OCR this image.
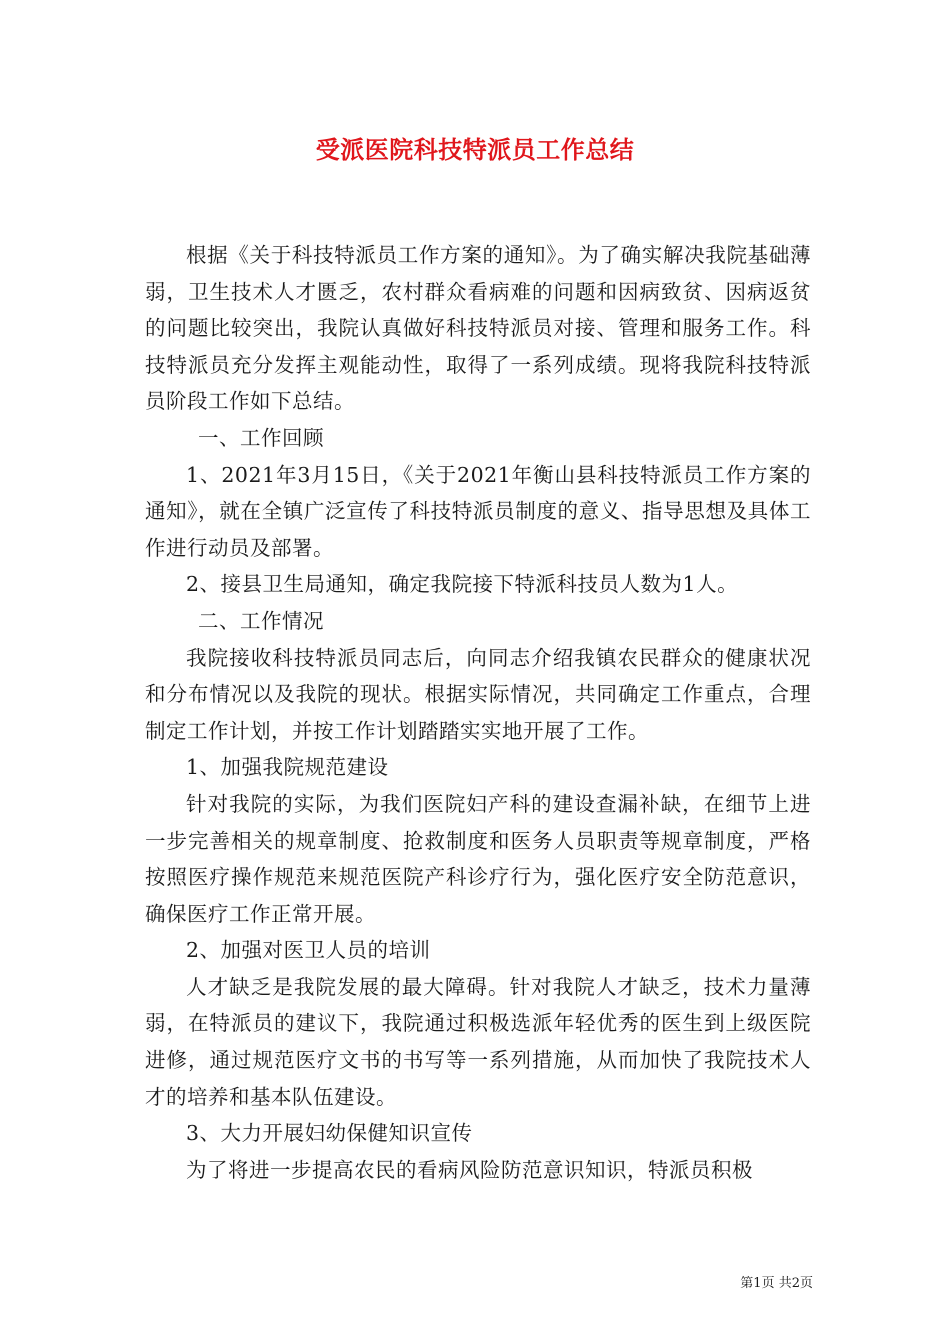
受派医院科技特派员工作总结

根据《关于科技特派员工作方案的通知》。为了确实解决我院基础薄弱，卫生技术人才匮乏，农村群众看病难的问题和因病致贫、因病返贫的问题比较突出，我院认真做好科技特派员对接、管理和服务工作。科技特派员充分发挥主观能动性，取得了一系列成绩。现将我院科技特派员阶段工作如下总结。

一、工作回顾

1、2021年3月15日，《关于2021年衡山县科技特派员工作方案的通知》，就在全镇广泛宣传了科技特派员制度的意义、指导思想及具体工作进行动员及部署。

2、接县卫生局通知，确定我院接下特派科技员人数为1人。

二、工作情况

我院接收科技特派员同志后，向同志介绍我镇农民群众的健康状况和分布情况以及我院的现状。根据实际情况，共同确定工作重点，合理制定工作计划，并按工作计划踏踏实实地开展了工作。

1、加强我院规范建设

针对我院的实际，为我们医院妇产科的建设查漏补缺，在细节上进一步完善相关的规章制度、抢救制度和医务人员职责等规章制度，严格按照医疗操作规范来规范医院产科诊疗行为，强化医疗安全防范意识，确保医疗工作正常开展。

2、加强对医卫人员的培训

人才缺乏是我院发展的最大障碍。针对我院人才缺乏，技术力量薄弱，在特派员的建议下，我院通过积极选派年轻优秀的医生到上级医院进修，通过规范医疗文书的书写等一系列措施，从而加快了我院技术人才的培养和基本队伍建设。

3、大力开展妇幼保健知识宣传

为了将进一步提高农民的看病风险防范意识知识，特派员积极

第1页 共2页
